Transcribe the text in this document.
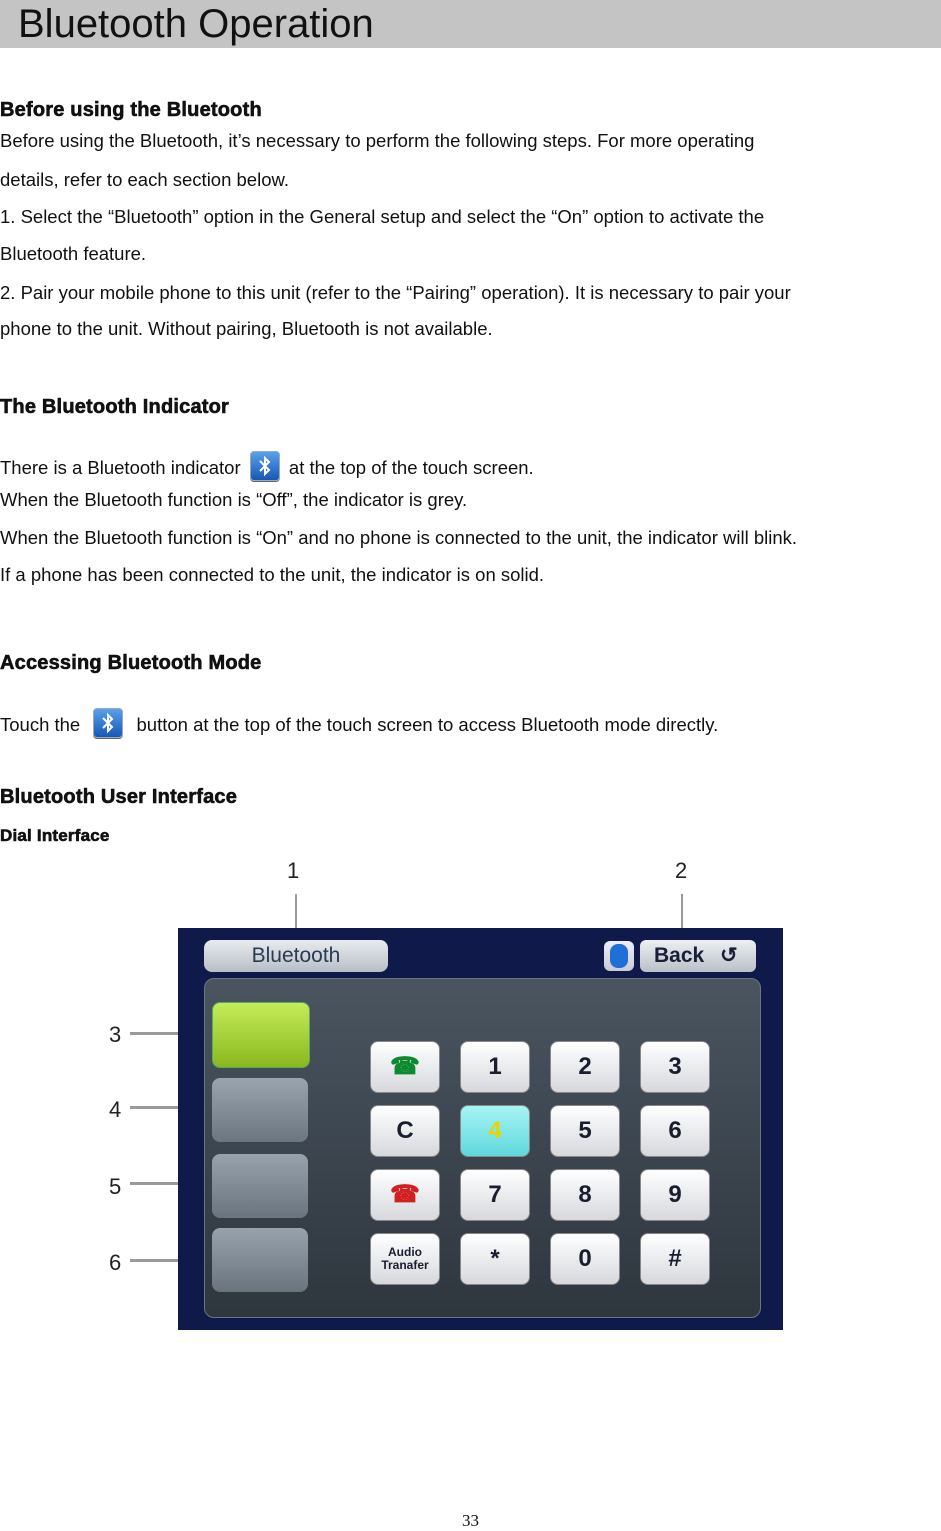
Bluetooth Operation
Before using the Bluetooth
Before using the Bluetooth, it’s necessary to perform the following steps. For more operating
details, refer to each section below.
1. Select the “Bluetooth” option in the General setup and select the “On” option to activate the
Bluetooth feature.
2. Pair your mobile phone to this unit (refer to the “Pairing” operation). It is necessary to pair your
phone to the unit. Without pairing, Bluetooth is not available.
The Bluetooth Indicator
There is a Bluetooth indicator	at the top of the touch screen.
When the Bluetooth function is “Off”, the indicator is grey.
When the Bluetooth function is “On” and no phone is connected to the unit, the indicator will blink.
If a phone has been connected to the unit, the indicator is on solid.
Accessing Bluetooth Mode
Touch the	button at the top of the touch screen to access Bluetooth mode directly.
Bluetooth User Interface
Dial Interface
1	2
3
4
5
6
Bluetooth	Back ↺
☎	1	2	3
C	4	5	6
☎	7	8	9
Audio
Tranafer	*	0	#
33
